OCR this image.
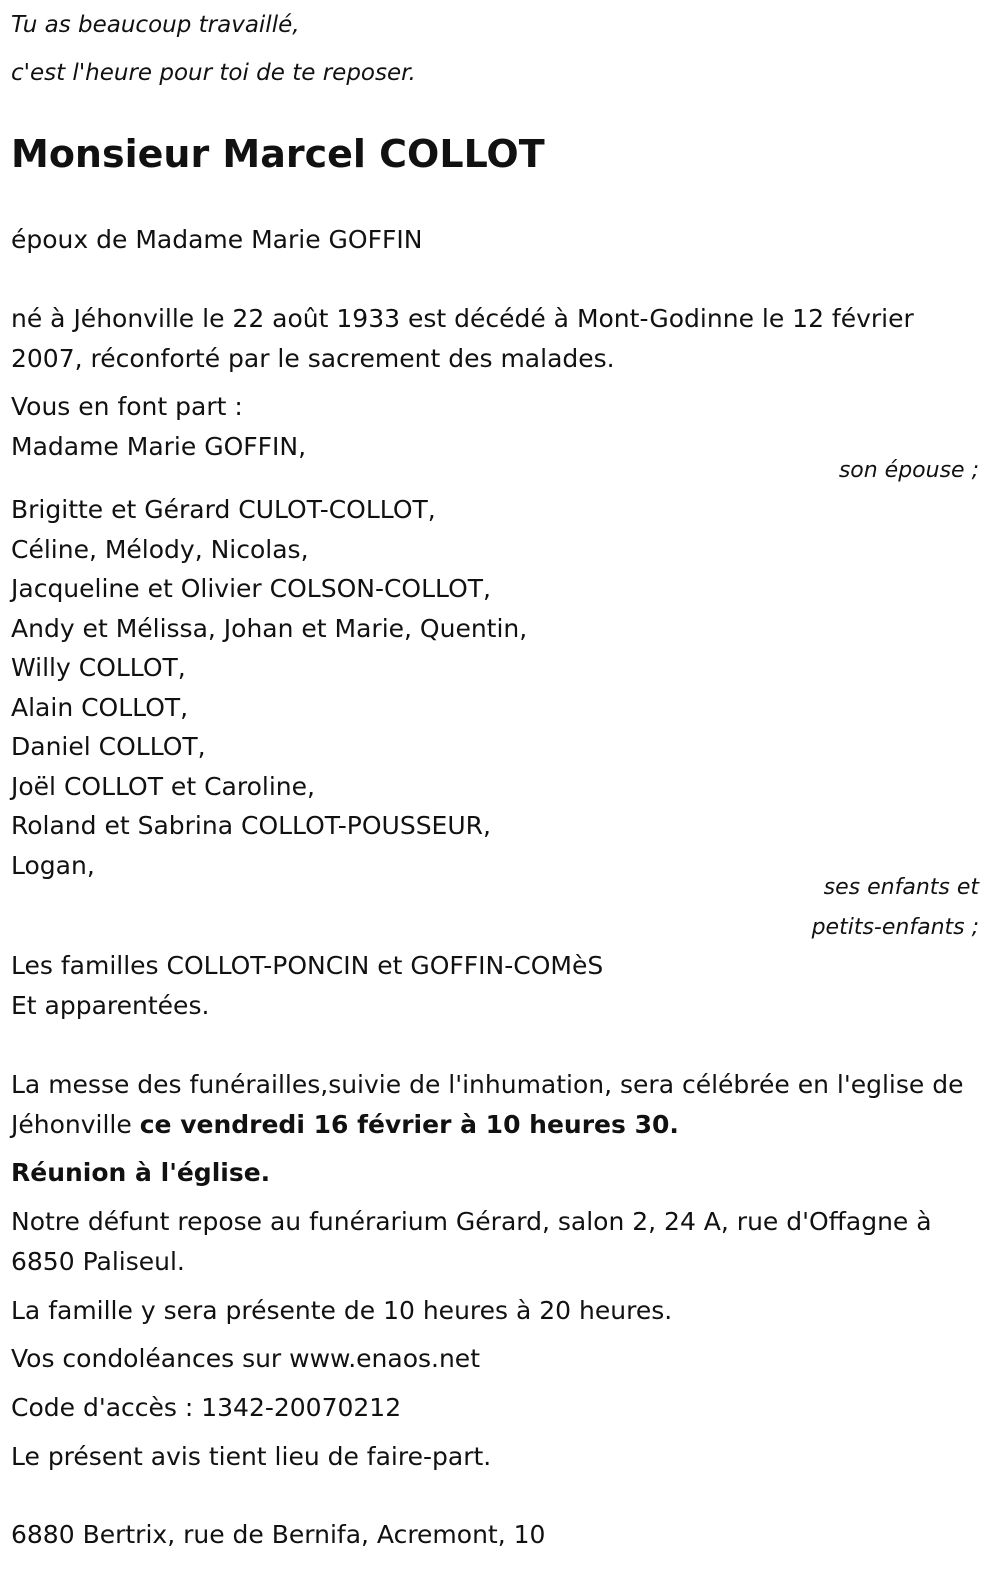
Tu as beaucoup travaillé,
c'est l'heure pour toi de te reposer.
Monsieur Marcel COLLOT
époux de Madame Marie GOFFIN
né à Jéhonville le 22 août 1933 est décédé à Mont-Godinne le 12 février 2007, réconforté par le sacrement des malades.
Vous en font part :
Madame Marie GOFFIN,
son épouse ;
Brigitte et Gérard CULOT-COLLOT,
Céline, Mélody, Nicolas,
Jacqueline et Olivier COLSON-COLLOT,
Andy et Mélissa, Johan et Marie, Quentin,
Willy COLLOT,
Alain COLLOT,
Daniel COLLOT,
Joël COLLOT et Caroline,
Roland et Sabrina COLLOT-POUSSEUR,
Logan,
ses enfants et
petits-enfants ;
Les familles COLLOT-PONCIN et GOFFIN-COMèS
Et apparentées.
La messe des funérailles,suivie de l'inhumation, sera célébrée en l'eglise de Jéhonville ce vendredi 16 février à 10 heures 30.
Réunion à l'église.
Notre défunt repose au funérarium Gérard, salon 2, 24 A, rue d'Offagne à 6850 Paliseul.
La famille y sera présente de 10 heures à 20 heures.
Vos condoléances sur www.enaos.net
Code d'accès : 1342-20070212
Le présent avis tient lieu de faire-part.
6880 Bertrix, rue de Bernifa, Acremont, 10
